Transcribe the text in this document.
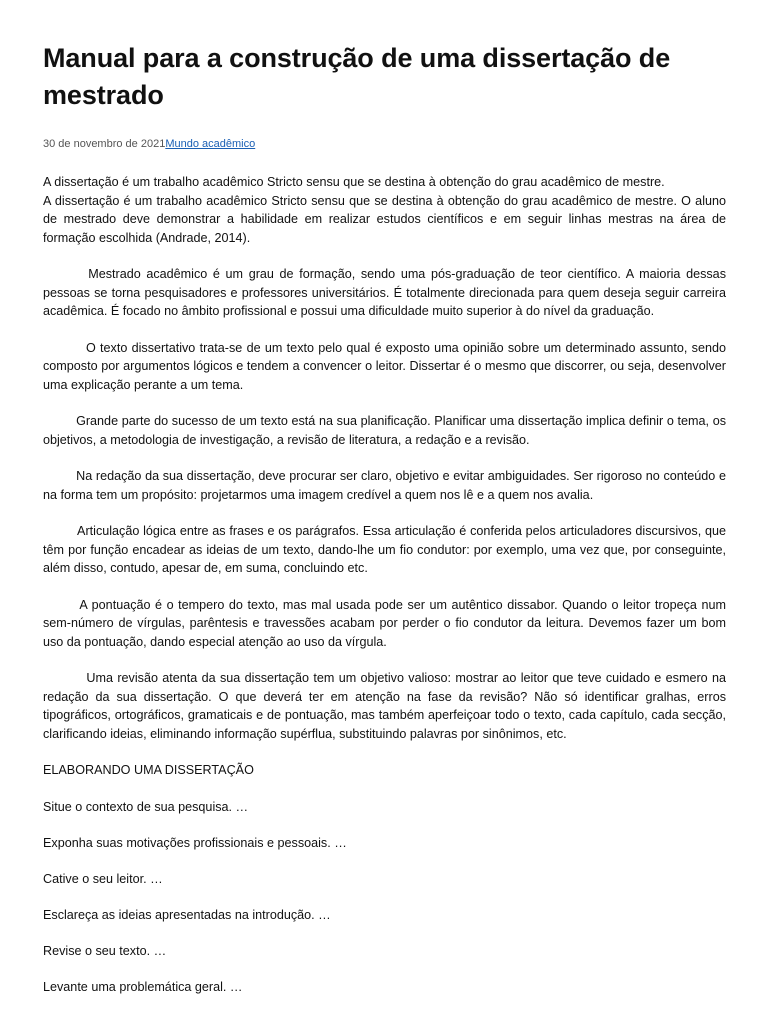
Manual para a construção de uma dissertação de mestrado
30 de novembro de 2021Mundo acadêmico

A dissertação é um trabalho acadêmico Stricto sensu que se destina à obtenção do grau acadêmico de mestre.

A dissertação é um trabalho acadêmico Stricto sensu que se destina à obtenção do grau acadêmico de mestre. O aluno de mestrado deve demonstrar a habilidade em realizar estudos científicos e em seguir linhas mestras na área de formação escolhida (Andrade, 2014).

Mestrado acadêmico é um grau de formação, sendo uma pós-graduação de teor científico. A maioria dessas pessoas se torna pesquisadores e professores universitários. É totalmente direcionada para quem deseja seguir carreira acadêmica. É focado no âmbito profissional e possui uma dificuldade muito superior à do nível da graduação.

O texto dissertativo trata-se de um texto pelo qual é exposto uma opinião sobre um determinado assunto, sendo composto por argumentos lógicos e tendem a convencer o leitor. Dissertar é o mesmo que discorrer, ou seja, desenvolver uma explicação perante a um tema.

Grande parte do sucesso de um texto está na sua planificação. Planificar uma dissertação implica definir o tema, os objetivos, a metodologia de investigação, a revisão de literatura, a redação e a revisão.

Na redação da sua dissertação, deve procurar ser claro, objetivo e evitar ambiguidades. Ser rigoroso no conteúdo e na forma tem um propósito: projetarmos uma imagem credível a quem nos lê e a quem nos avalia.

Articulação lógica entre as frases e os parágrafos. Essa articulação é conferida pelos articuladores discursivos, que têm por função encadear as ideias de um texto, dando-lhe um fio condutor: por exemplo, uma vez que, por conseguinte, além disso, contudo, apesar de, em suma, concluindo etc.

A pontuação é o tempero do texto, mas mal usada pode ser um autêntico dissabor. Quando o leitor tropeça num sem-número de vírgulas, parêntesis e travessões acabam por perder o fio condutor da leitura. Devemos fazer um bom uso da pontuação, dando especial atenção ao uso da vírgula.

Uma revisão atenta da sua dissertação tem um objetivo valioso: mostrar ao leitor que teve cuidado e esmero na redação da sua dissertação. O que deverá ter em atenção na fase da revisão? Não só identificar gralhas, erros tipográficos, ortográficos, gramaticais e de pontuação, mas também aperfeiçoar todo o texto, cada capítulo, cada secção, clarificando ideias, eliminando informação supérflua, substituindo palavras por sinônimos, etc.

ELABORANDO UMA DISSERTAÇÃO

Situe o contexto de sua pesquisa. …

Exponha suas motivações profissionais e pessoais. …

Cative o seu leitor. …

Esclareça as ideias apresentadas na introdução. …

Revise o seu texto. …

Levante uma problemática geral. …
